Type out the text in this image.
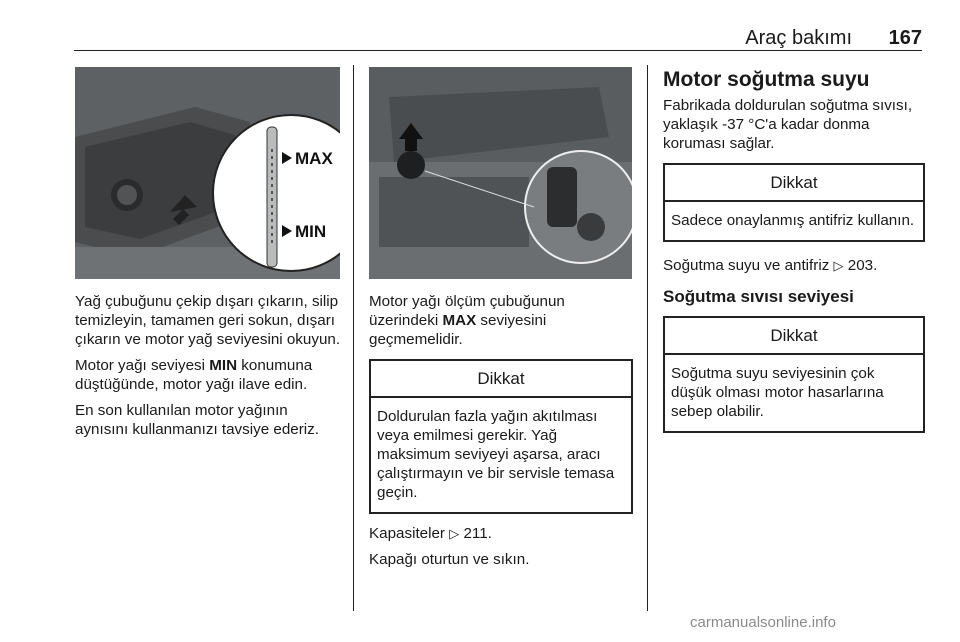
Araç bakımı 167
MAX
MIN

Yağ çubuğunu çekip dışarı çıkarın, silip temizleyin, tamamen geri sokun, dışarı çıkarın ve motor yağ seviyesini okuyun.

Motor yağı seviyesi MIN konumuna düştüğünde, motor yağı ilave edin.

En son kullanılan motor yağının aynısını kullanmanızı tavsiye ederiz.

Motor yağı ölçüm çubuğunun üzerindeki MAX seviyesini geçmemelidir.

Dikkat
Doldurulan fazla yağın akıtılması veya emilmesi gerekir. Yağ maksimum seviyeyi aşarsa, aracı çalıştırmayın ve bir servisle temasa geçin.

Kapasiteler ▷ 211.

Kapağı oturtun ve sıkın.

Motor soğutma suyu

Fabrikada doldurulan soğutma sıvısı, yaklaşık -37 °C'a kadar donma koruması sağlar.

Dikkat
Sadece onaylanmış antifriz kullanın.

Soğutma suyu ve antifriz ▷ 203.

Soğutma sıvısı seviyesi
Dikkat
Soğutma suyu seviyesinin çok düşük olması motor hasarlarına sebep olabilir.
carmanualsonline.info
